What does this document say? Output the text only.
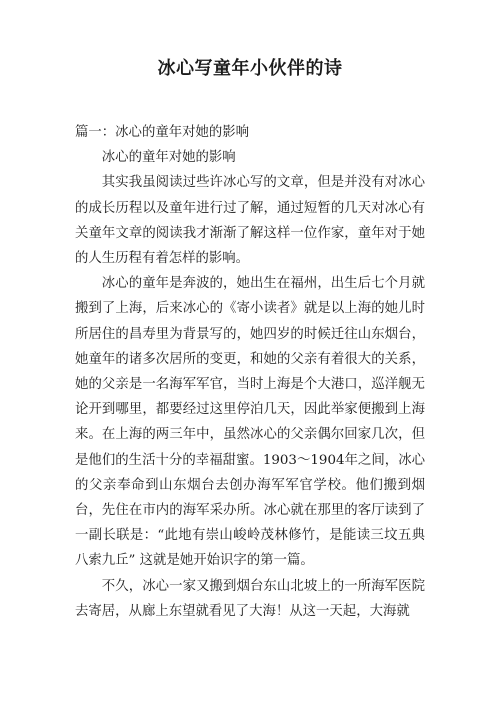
冰心写童年小伙伴的诗

篇一：冰心的童年对她的影响

冰心的童年对她的影响

其实我虽阅读过些许冰心写的文章，但是并没有对冰心的成长历程以及童年进行过了解，通过短暂的几天对冰心有关童年文章的阅读我才渐渐了解这样一位作家，童年对于她的人生历程有着怎样的影响。

冰心的童年是奔波的，她出生在福州，出生后七个月就搬到了上海，后来冰心的《寄小读者》就是以上海的她儿时所居住的昌寿里为背景写的，她四岁的时候迁往山东烟台，她童年的诸多次居所的变更，和她的父亲有着很大的关系，她的父亲是一名海军军官，当时上海是个大港口，巡洋舰无论开到哪里，都要经过这里停泊几天，因此举家便搬到上海来。在上海的两三年中，虽然冰心的父亲偶尔回家几次，但是他们的生活十分的幸福甜蜜。1903～1904年之间，冰心的父亲奉命到山东烟台去创办海军军官学校。他们搬到烟台，先住在市内的海军采办所。冰心就在那里的客厅读到了一副长联是：“此地有崇山峻岭茂林修竹，是能读三坟五典八索九丘” 这就是她开始识字的第一篇。

不久，冰心一家又搬到烟台东山北坡上的一所海军医院去寄居，从廊上东望就看见了大海！从这一天起，大海就
